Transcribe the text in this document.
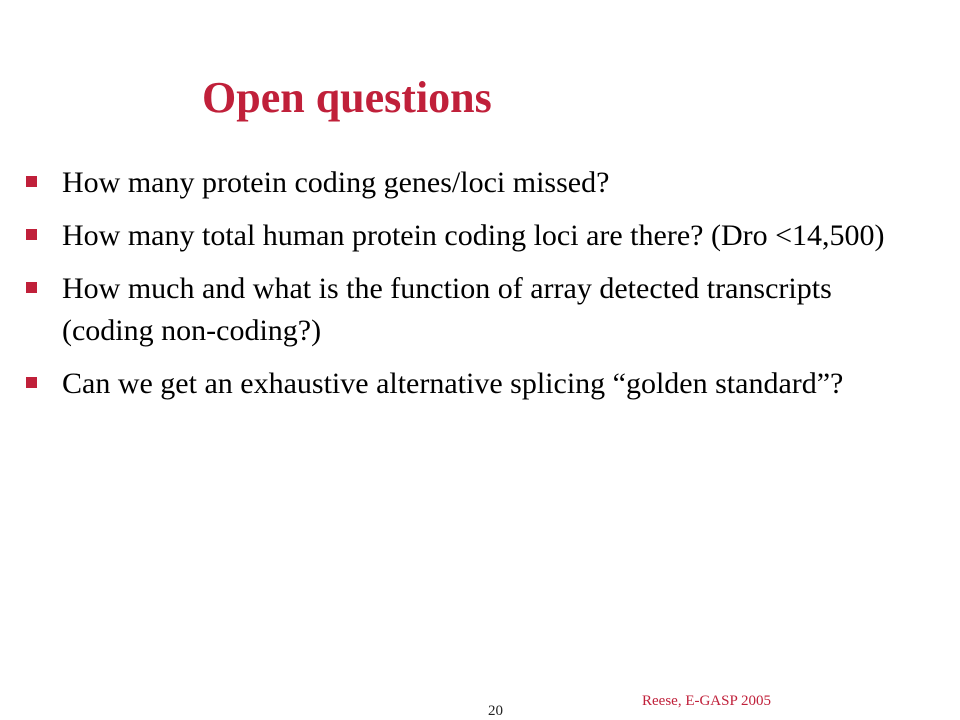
Open questions
How many protein coding genes/loci missed?
How many total human protein coding loci are there? (Dro <14,500)
How much and what is the function of array detected transcripts (coding non-coding?)
Can we get an exhaustive alternative splicing “golden standard”?
20
Reese, E-GASP 2005
